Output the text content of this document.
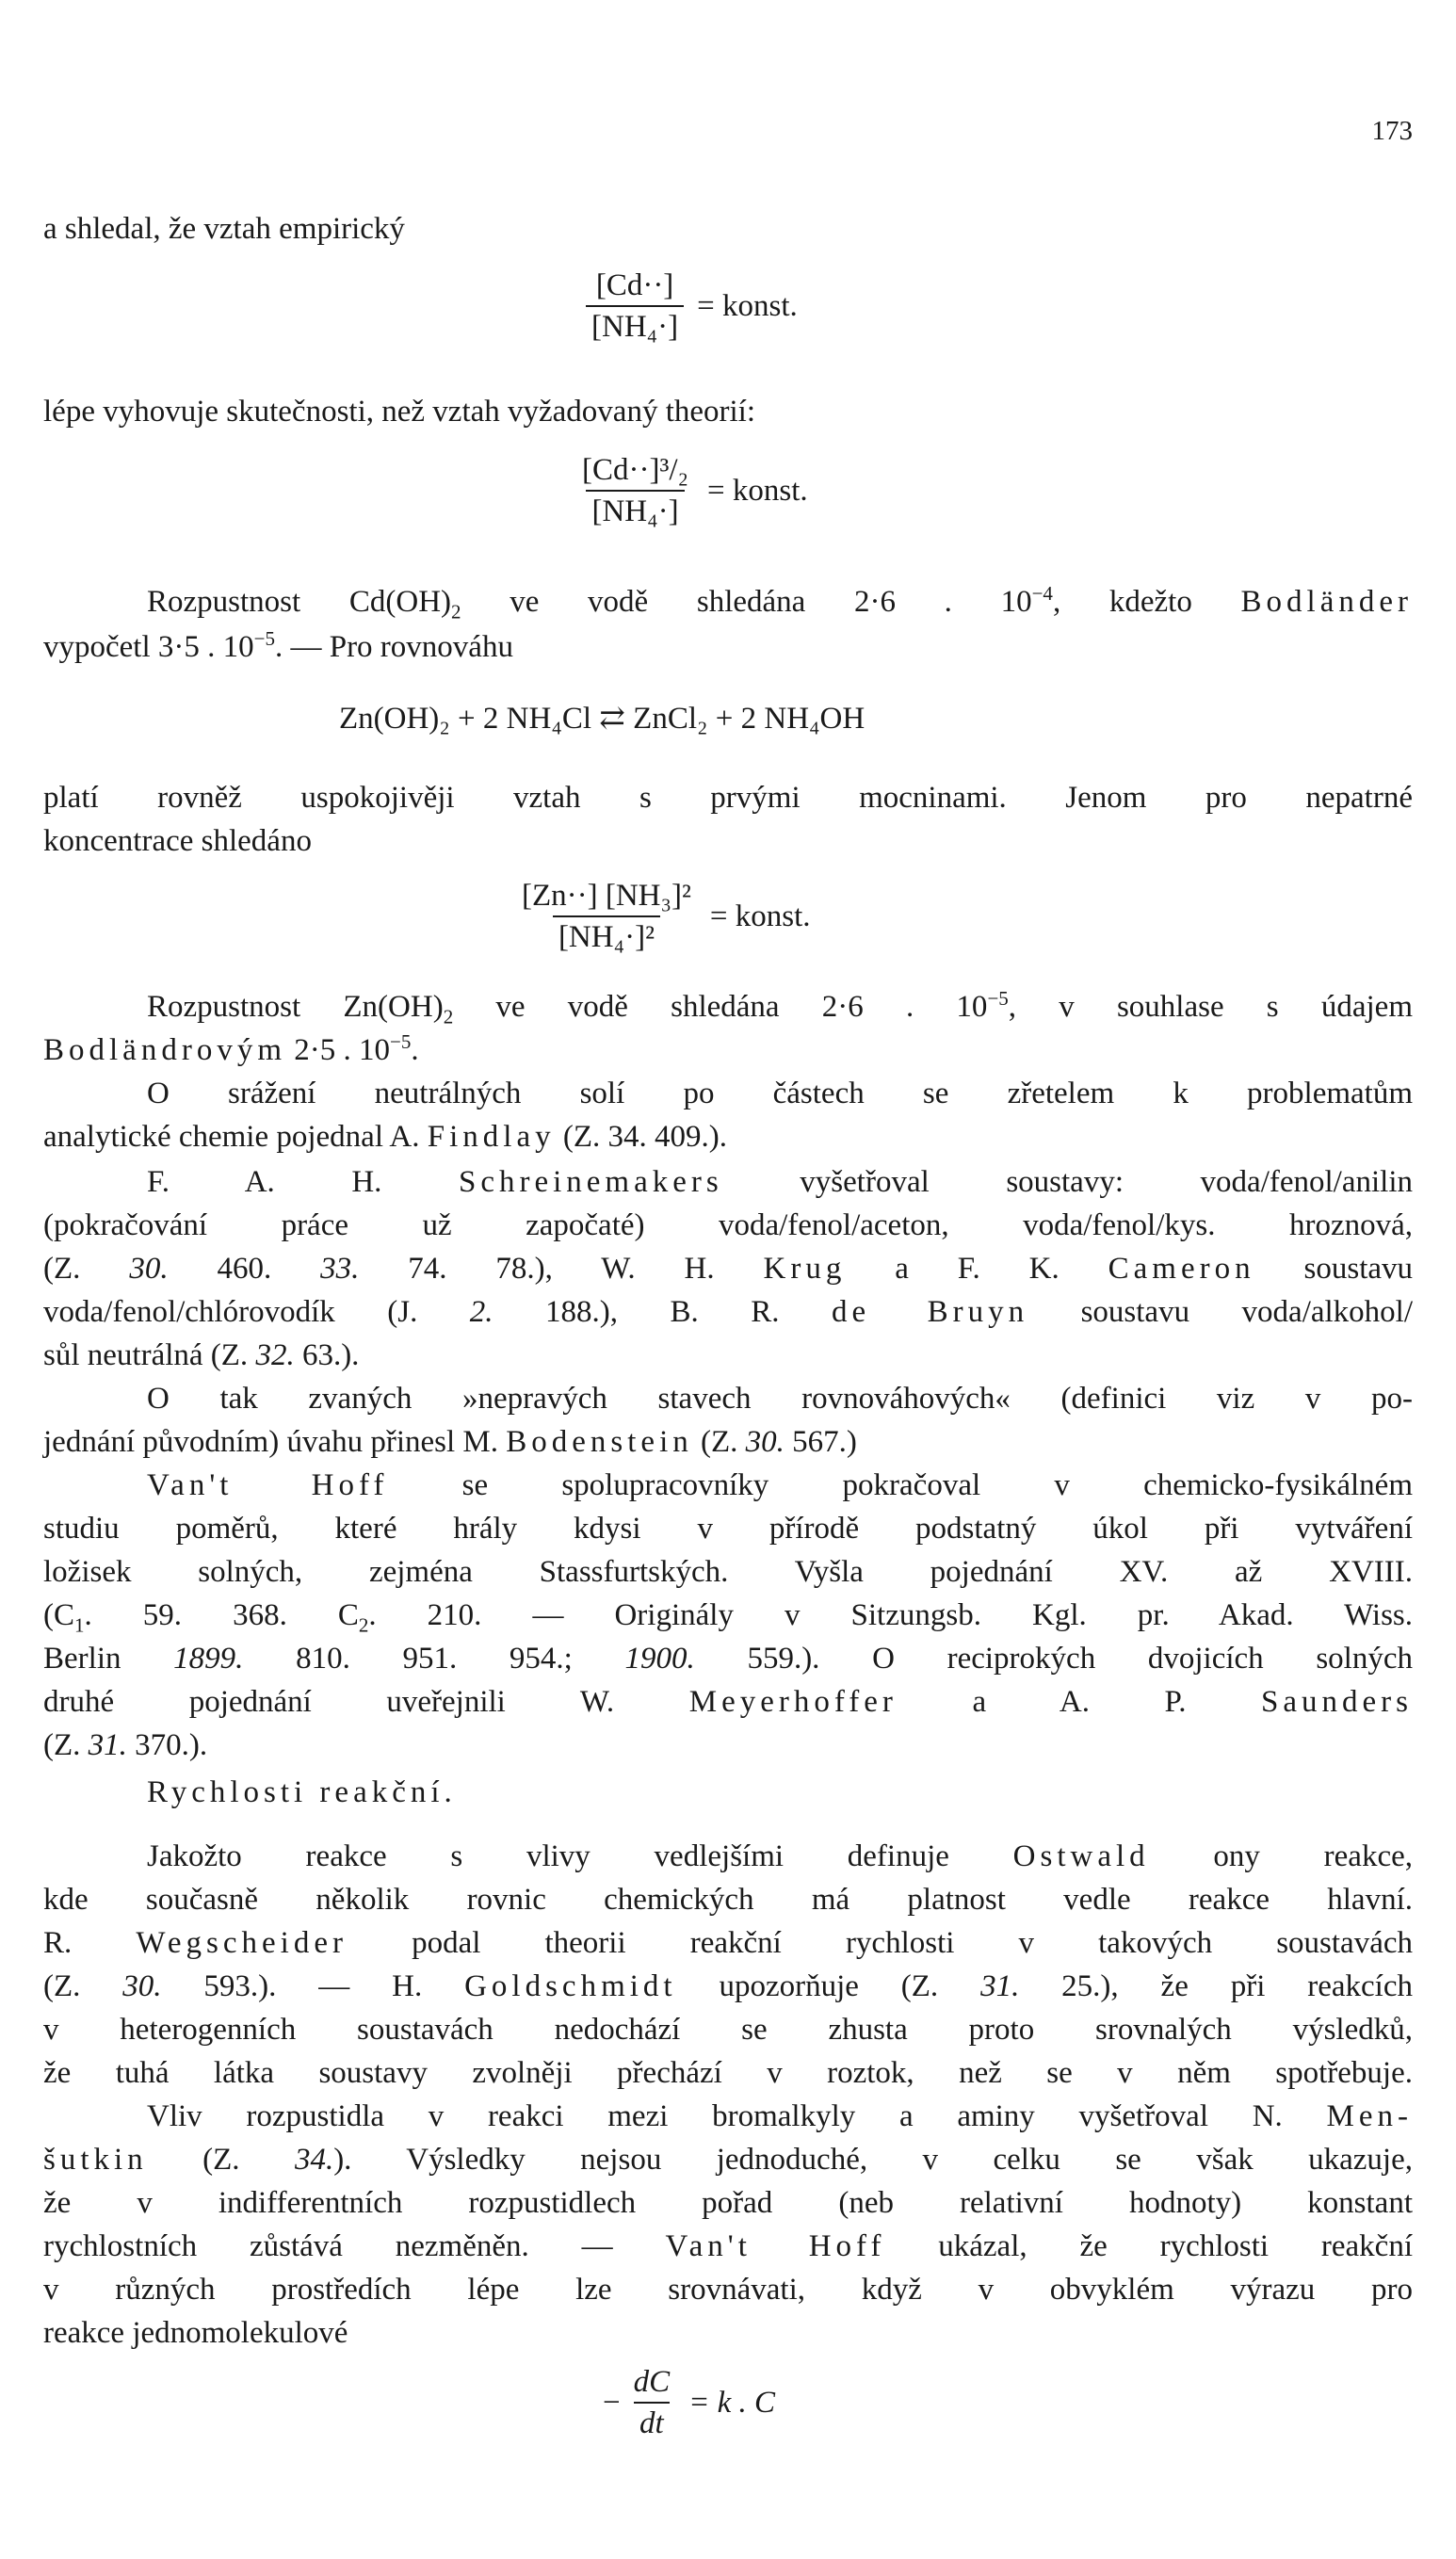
173
a shledal, že vztah empirický
$\frac{[Cd\cdot\cdot]}{\text{[NH₄·]}}$ = konst.
lépe vyhovuje skutečnosti, než vztah vyžadovaný theorií:
$\frac{\text{[Cd··]³/₂}}{\text{[NH₄·]}}$ = konst.
Rozpustnost $Cd(OH)_2$ ve vodě shledána 2·6 . $10^{-4}$, kdežto Bodländer
vypočetl 3·5 . $10^{-5}$. — Pro rovnováhu
Zn(OH)₂ + 2 NH₄Cl ⇄ ZnCl₂ + 2 NH₄OH
platí rovněž uspokojivěji vztah s prvými mocninami. Jenom pro nepatrné
koncentrace shledáno
$\frac{\text{[Zn··] [NH₃]²}}{\text{[NH₄·]²}}$ = konst.
Rozpustnost $Zn(OH)_2$ ve vodě shledána 2·6 . $10^{-5}$, v souhlase s údajem
Bodländrovým 2·5 . $10^{-5}$.
O srážení neutrálných solí po částech se zřetelem k problematům
analytické chemie pojednal A. Findlay (Z. 34. 409.).
F. A. H. Schreinemakers vyšetřoval soustavy: voda/fenol/anilin
(pokračování práce už započaté) voda/fenol/aceton, voda/fenol/kys. hroznová,
(Z. 30. 460. 33. 74. 78.), W. H. Krug a F. K. Cameron soustavu
voda/fenol/chlórovodík (J. 2. 188.), B. R. de Bruyn soustavu voda/alkohol/
sůl neutrálná (Z. 32. 63.).
O tak zvaných »nepravých stavech rovnováhových« (definici viz v po-
jednání původním) úvahu přinesl M. Bodenstein (Z. 30. 567.)
Van't Hoff se spolupracovníky pokračoval v chemicko-fysikálném
studiu poměrů, které hrály kdysi v přírodě podstatný úkol při vytváření
ložisek solných, zejména Stassfurtských. Vyšla pojednání XV. až XVIII.
($C_1$. 59. 368. $C_2$. 210. — Originály v Sitzungsb. Kgl. pr. Akad. Wiss.
Berlin 1899. 810. 951. 954.; 1900. 559.). O reciprokých dvojicích solných
druhé pojednání uveřejnili W. Meyerhoffer a A. P. Saunders
(Z. 31. 370.).
Rychlosti reakční.
Jakožto reakce s vlivy vedlejšími definuje Ostwald ony reakce,
kde současně několik rovnic chemických má platnost vedle reakce hlavní.
R. Wegscheider podal theorii reakční rychlosti v takových soustavách
(Z. 30. 593.). — H. Goldschmidt upozorňuje (Z. 31. 25.), že při reakcích
v heterogenních soustavách nedochází se zhusta proto srovnalých výsledků,
že tuhá látka soustavy zvolněji přechází v roztok, než se v něm spotřebuje.
Vliv rozpustidla v reakci mezi bromalkyly a aminy vyšetřoval N. Men-
šutkin (Z. 34.). Výsledky nejsou jednoduché, v celku se však ukazuje,
že v indifferentních rozpustidlech pořad (neb relativní hodnoty) konstant
rychlostních zůstává nezměněn. — Van't Hoff ukázal, že rychlosti reakční
v různých prostředích lépe lze srovnávati, když v obvyklém výrazu pro
reakce jednomolekulové
− $\frac{dC}{dt} = k$ . C
